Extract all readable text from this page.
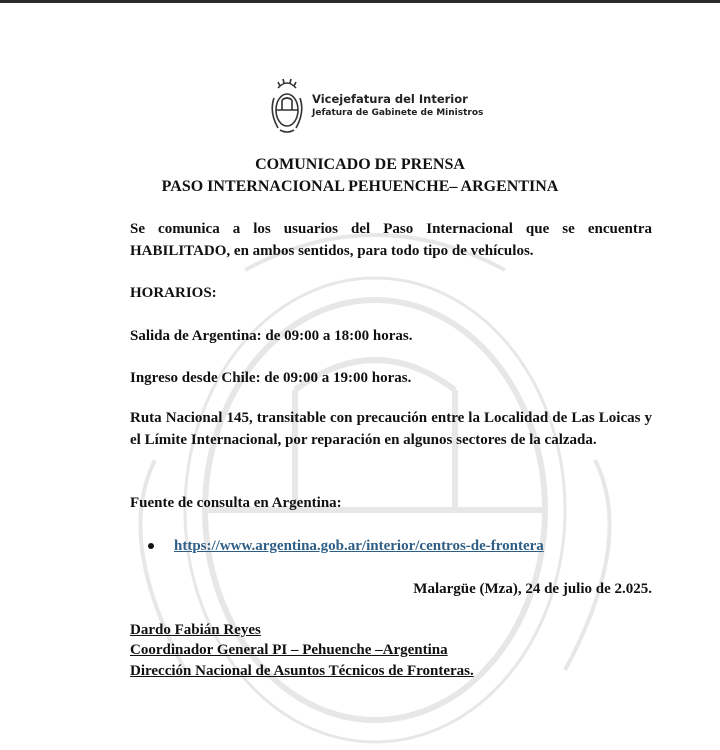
Vicejefatura del Interior
Jefatura de Gabinete de Ministros
COMUNICADO DE PRENSA
PASO INTERNACIONAL PEHUENCHE– ARGENTINA

Se comunica a los usuarios del Paso Internacional que se encuentra HABILITADO, en ambos sentidos, para todo tipo de vehículos.

HORARIOS:

Salida de Argentina: de 09:00 a 18:00 horas.

Ingreso desde Chile: de 09:00 a 19:00 horas.

Ruta Nacional 145, transitable con precaución entre la Localidad de Las Loicas y el Límite Internacional, por reparación en algunos sectores de la calzada.

Fuente de consulta en Argentina:

https://www.argentina.gob.ar/interior/centros-de-frontera
Malargüe (Mza), 24 de julio de 2.025.
Dardo Fabián Reyes
Coordinador General PI – Pehuenche –Argentina
Dirección Nacional de Asuntos Técnicos de Fronteras.
